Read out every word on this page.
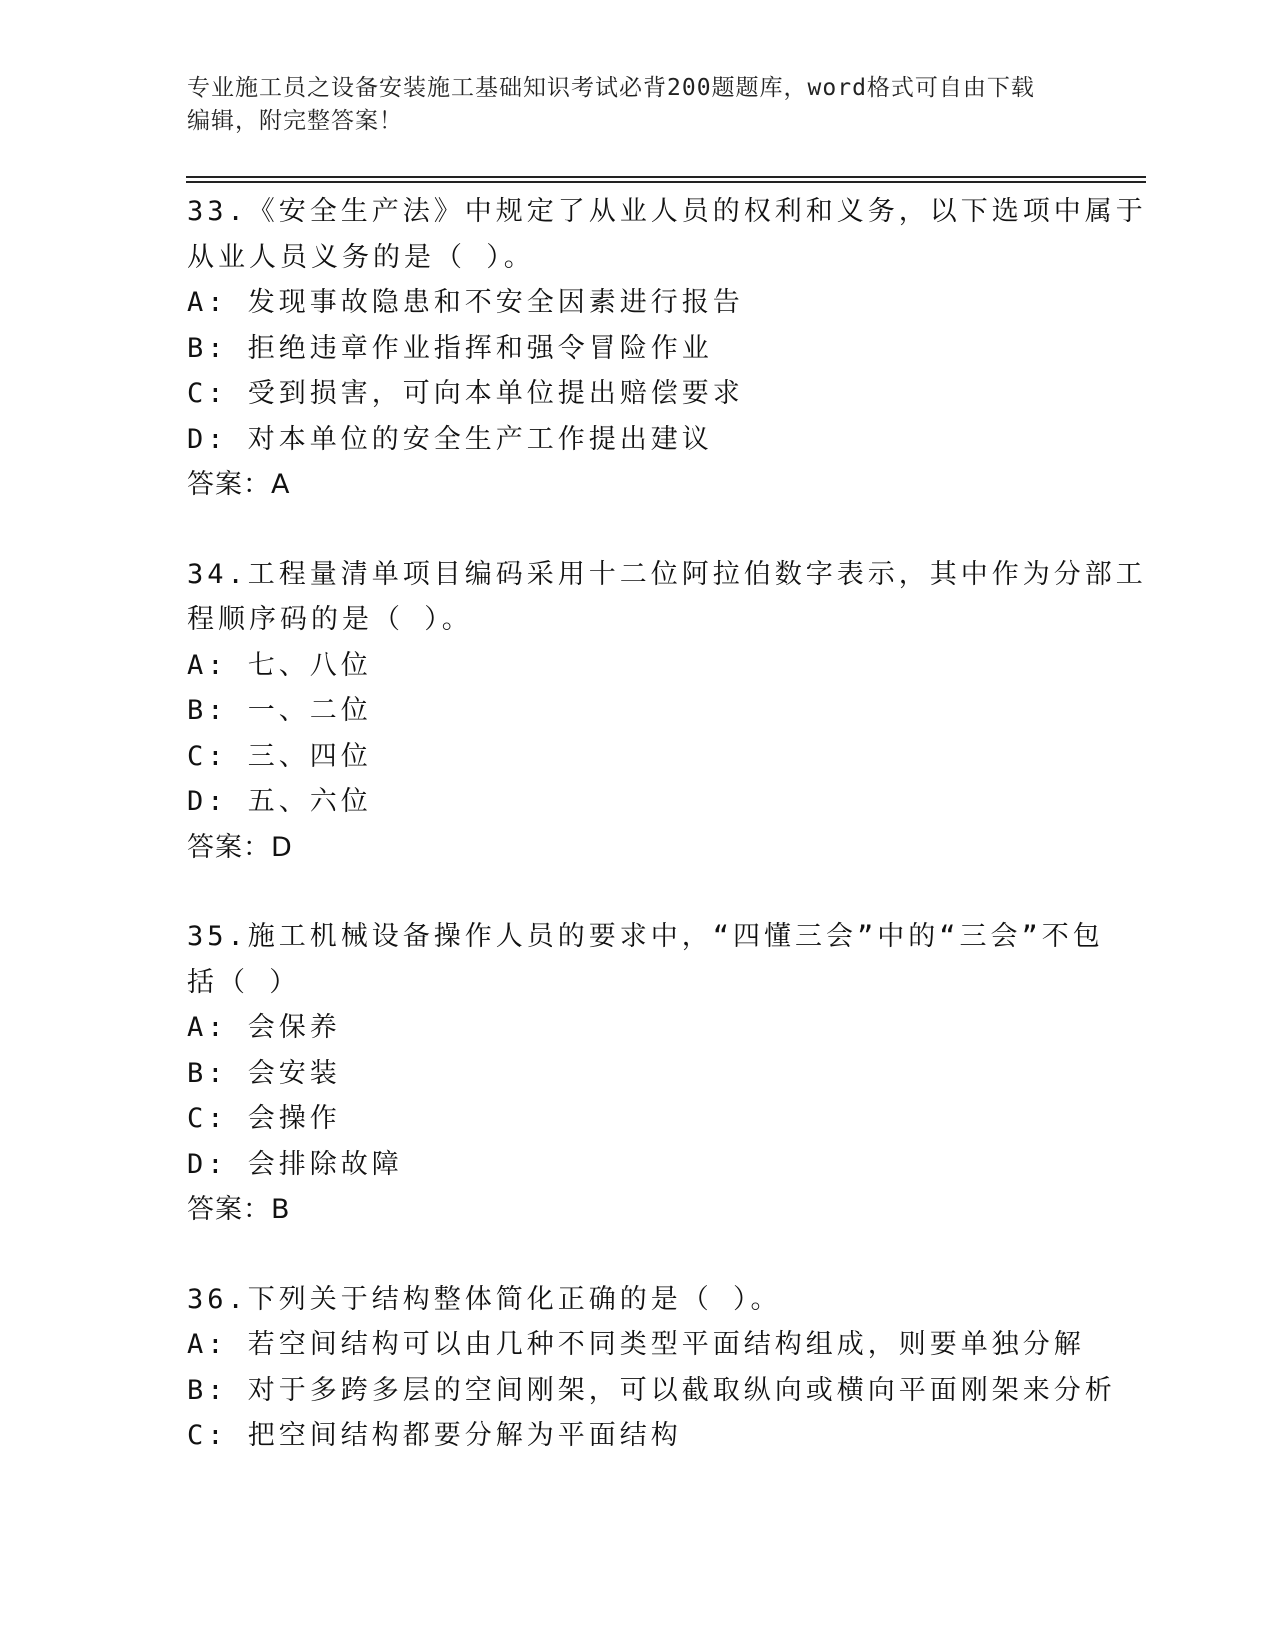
专业施工员之设备安装施工基础知识考试必背200题题库，word格式可自由下载
编辑，附完整答案！
33.《安全生产法》中规定了从业人员的权利和义务，以下选项中属于
从业人员义务的是（ ）。
A: 发现事故隐患和不安全因素进行报告
B: 拒绝违章作业指挥和强令冒险作业
C: 受到损害，可向本单位提出赔偿要求
D: 对本单位的安全生产工作提出建议
答案：A
34.工程量清单项目编码采用十二位阿拉伯数字表示，其中作为分部工
程顺序码的是（ ）。
A: 七、八位
B: 一、二位
C: 三、四位
D: 五、六位
答案：D
35.施工机械设备操作人员的要求中，“四懂三会”中的“三会”不包
括（ ）
A: 会保养
B: 会安装
C: 会操作
D: 会排除故障
答案：B
36.下列关于结构整体简化正确的是（ ）。
A: 若空间结构可以由几种不同类型平面结构组成，则要单独分解
B: 对于多跨多层的空间刚架，可以截取纵向或横向平面刚架来分析
C: 把空间结构都要分解为平面结构
